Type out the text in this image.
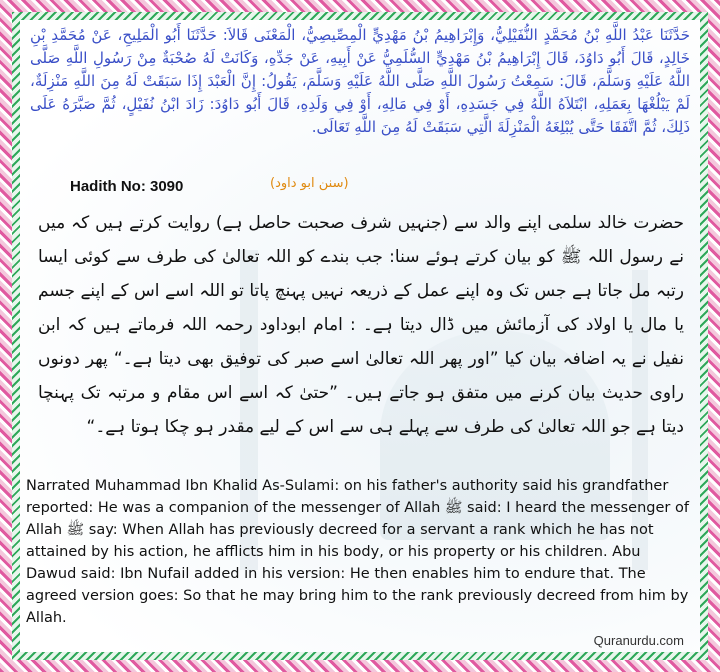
حَدَّثَنَا عَبْدُ اللَّهِ بْنُ مُحَمَّدٍ النُّفَيْلِيُّ، وَإِبْرَاهِيمُ بْنُ مَهْدِيٍّ الْمِصِّيصِيُّ، الْمَعْنَى قَالاَ: حَدَّثَنَا أَبُو الْمَلِيحِ، عَنْ مُحَمَّدِ بْنِ خَالِدٍ، قَالَ أَبُو دَاوُدَ، قَالَ إِبْرَاهِيمُ بْنُ مَهْدِيٍّ السُّلَمِيُّ عَنْ أَبِيهِ، عَنْ جَدِّهِ، وَكَانَتْ لَهُ صُحْبَةٌ مِنْ رَسُولِ اللَّهِ صَلَّى اللَّهُ عَلَيْهِ وَسَلَّمَ، قَالَ: سَمِعْتُ رَسُولَ اللَّهِ صَلَّى اللَّهُ عَلَيْهِ وَسَلَّمَ، يَقُولُ: إِنَّ الْعَبْدَ إِذَا سَبَقَتْ لَهُ مِنَ اللَّهِ مَنْزِلَةٌ، لَمْ يَبْلُغْهَا بِعَمَلِهِ، ابْتَلاَهُ اللَّهُ فِي جَسَدِهِ، أَوْ فِي مَالِهِ، أَوْ فِي وَلَدِهِ، قَالَ أَبُو دَاوُدَ: زَادَ ابْنُ نُفَيْلٍ، ثُمَّ صَبَّرَهُ عَلَى ذَلِكَ، ثُمَّ اتَّفَقَا حَتَّى يُبْلِغَهُ الْمَنْزِلَةَ الَّتِي سَبَقَتْ لَهُ مِنَ اللَّهِ تَعَالَى.
Hadith No: 3090	(سنن ابو داود)
حضرت خالد سلمی اپنے والد سے (جنہیں شرف صحبت حاصل ہے) روایت کرتے ہیں کہ میں نے رسول اللہ ﷺ کو بیان کرتے ہوئے سنا: جب بندے کو اللہ تعالیٰ کی طرف سے کوئی ایسا رتبہ مل جاتا ہے جس تک وہ اپنے عمل کے ذریعہ نہیں پہنچ پاتا تو اللہ اسے اس کے اپنے جسم یا مال یا اولاد کی آزمائش میں ڈال دیتا ہے۔ : امام ابوداود رحمہ اللہ فرماتے ہیں کہ ابن نفیل نے یہ اضافہ بیان کیا ”اور پھر اللہ تعالیٰ اسے صبر کی توفیق بھی دیتا ہے۔“ پھر دونوں راوی حدیث بیان کرنے میں متفق ہو جاتے ہیں۔ ”حتیٰ کہ اسے اس مقام و مرتبہ تک پہنچا دیتا ہے جو اللہ تعالیٰ کی طرف سے پہلے ہی سے اس کے لیے مقدر ہو چکا ہوتا ہے۔“
Narrated Muhammad Ibn Khalid As-Sulami: on his father's authority said his grandfather reported: He was a companion of the messenger of Allah ﷺ said: I heard the messenger of Allah ﷺ say: When Allah has previously decreed for a servant a rank which he has not attained by his action, he afflicts him in his body, or his property or his children. Abu Dawud said: Ibn Nufail added in his version: He then enables him to endure that. The agreed version goes: So that he may bring him to the rank previously decreed from him by Allah.
Quranurdu.com
